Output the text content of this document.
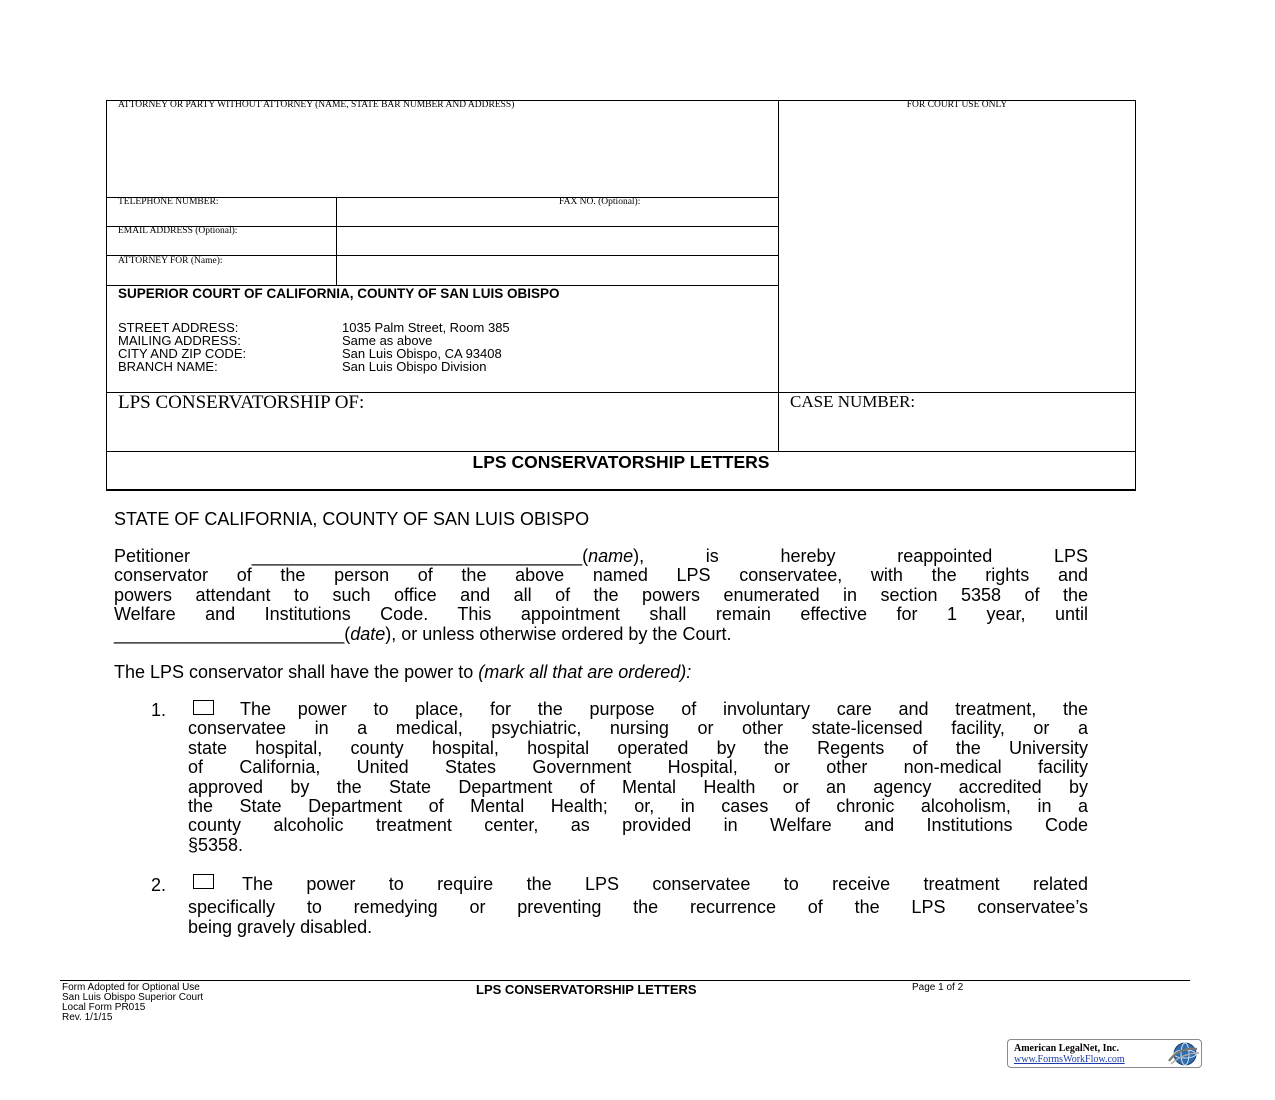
ATTORNEY OR PARTY WITHOUT ATTORNEY (NAME, STATE BAR NUMBER AND ADDRESS)	FOR COURT USE ONLY
TELEPHONE NUMBER:	FAX NO. (Optional):
EMAIL ADDRESS (Optional):
ATTORNEY FOR (Name):
SUPERIOR COURT OF CALIFORNIA, COUNTY OF SAN LUIS OBISPO
STREET ADDRESS:	1035 Palm Street, Room 385
MAILING ADDRESS:	Same as above
CITY AND ZIP CODE:	San Luis Obispo, CA 93408
BRANCH NAME:	San Luis Obispo Division
LPS CONSERVATORSHIP OF:	CASE NUMBER:
LPS CONSERVATORSHIP LETTERS
STATE OF CALIFORNIA, COUNTY OF SAN LUIS OBISPO
Petitioner	_________________________________(name), is hereby reappointed LPS
conservator of the person of the above named LPS conservatee, with the rights and
powers attendant to such office and all of the powers enumerated in section 5358 of the
Welfare and Institutions Code. This appointment shall remain effective for 1 year, until
_______________________(date), or unless otherwise ordered by the Court.
The LPS conservator shall have the power to (mark all that are ordered):
1.	The power to place, for the purpose of involuntary care and treatment, the
conservatee in a medical, psychiatric, nursing or other state-licensed facility, or a
state hospital, county hospital, hospital operated by the Regents of the University
of California, United States Government Hospital, or other non-medical facility
approved by the State Department of Mental Health or an agency accredited by
the State Department of Mental Health; or, in cases of chronic alcoholism, in a
county alcoholic treatment center, as provided in Welfare and Institutions Code
§5358.
2.	The power to require the LPS conservatee to receive treatment related
specifically to remedying or preventing the recurrence of the LPS conservatee’s
being gravely disabled.
Form Adopted for Optional Use
San Luis Obispo Superior Court
Local Form PR015
Rev. 1/1/15
LPS CONSERVATORSHIP LETTERS	Page 1 of 2
American LegalNet, Inc.
www.FormsWorkFlow.com
